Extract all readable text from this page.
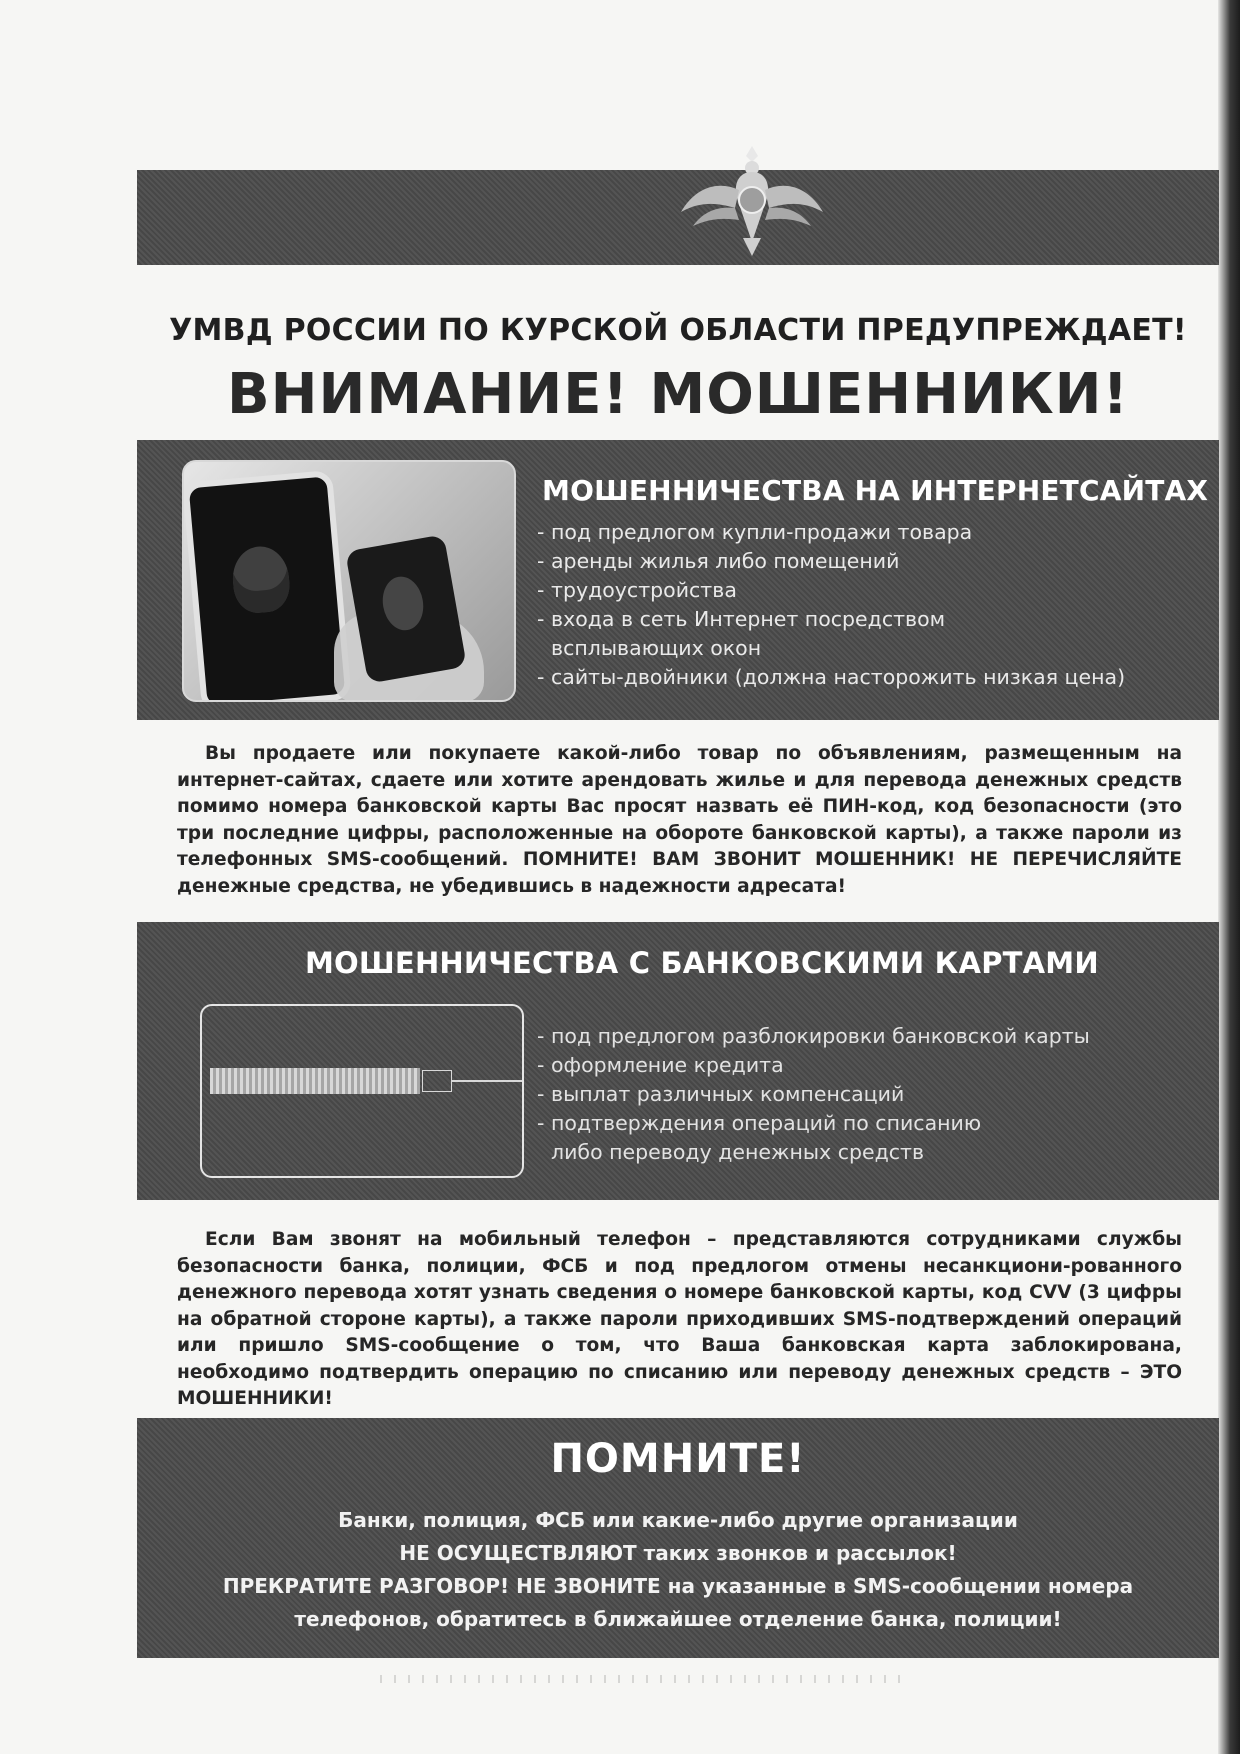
УМВД РОССИИ ПО КУРСКОЙ ОБЛАСТИ ПРЕДУПРЕЖДАЕТ!
ВНИМАНИЕ! МОШЕННИКИ!
МОШЕННИЧЕСТВА НА ИНТЕРНЕТСАЙТАХ
- под предлогом купли-продажи товара
- аренды жилья либо помещений
- трудоустройства
- входа в сеть Интернет посредством
всплывающих окон
- сайты-двойники (должна насторожить низкая цена)
Вы продаете или покупаете какой-либо товар по объявлениям, размещенным на интернет-сайтах, сдаете или хотите арендовать жилье и для перевода денежных средств помимо номера банковской карты Вас просят назвать её ПИН-код, код безопасности (это три последние цифры, расположенные на обороте банковской карты), а также пароли из телефонных SMS-сообщений. ПОМНИТЕ! ВАМ ЗВОНИТ МОШЕННИК! НЕ ПЕРЕЧИСЛЯЙТЕ денежные средства, не убедившись в надежности адресата!
МОШЕННИЧЕСТВА С БАНКОВСКИМИ КАРТАМИ
- под предлогом разблокировки банковской карты
- оформление кредита
- выплат различных компенсаций
- подтверждения операций по списанию
либо переводу денежных средств
Если Вам звонят на мобильный телефон – представляются сотрудниками службы безопасности банка, полиции, ФСБ и под предлогом отмены несанкциони-рованного денежного перевода хотят узнать сведения о номере банковской карты, код CVV (3 цифры на обратной стороне карты), а также пароли приходивших SMS-подтверждений операций или пришло SMS-сообщение о том, что Ваша банковская карта заблокирована, необходимо подтвердить операцию по списанию или переводу денежных средств – ЭТО МОШЕННИКИ!
ПОМНИТЕ!
Банки, полиция, ФСБ или какие-либо другие организации
НЕ ОСУЩЕСТВЛЯЮТ таких звонков и рассылок!
ПРЕКРАТИТЕ РАЗГОВОР! НЕ ЗВОНИТЕ на указанные в SMS-сообщении номера
телефонов, обратитесь в ближайшее отделение банка, полиции!
